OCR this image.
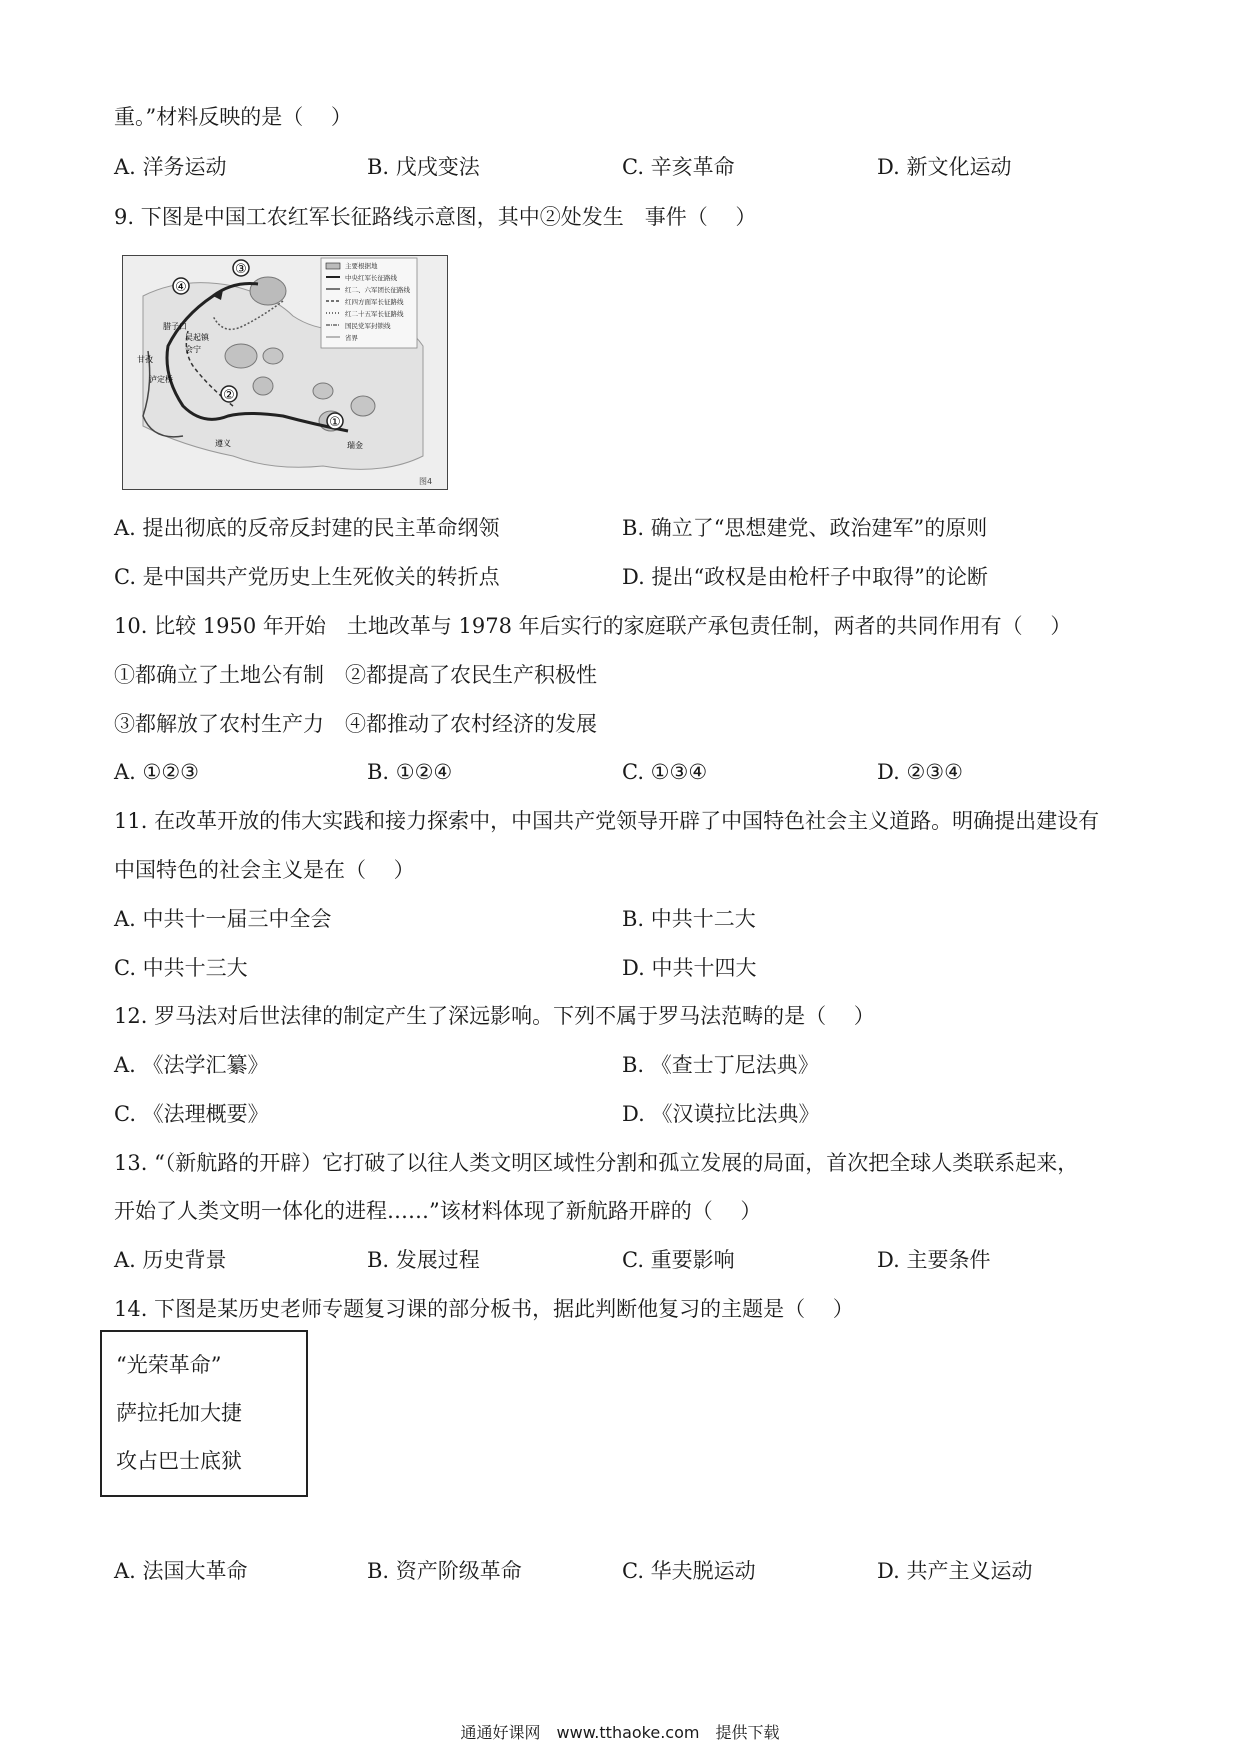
重。”材料反映的是（　 ）
A. 洋务运动	B. 戊戌变法	C. 辛亥革命	D. 新文化运动
9. 下图是中国工农红军长征路线示意图，其中②处发生　事件（　 ）
③
④
②
①
腊子口
吴起镇
会宁
甘孜
泸定桥
遵义	瑞金
主要根据地
中央红军长征路线
红二、六军团长征路线
红四方面军长征路线
红二十五军长征路线
国民党军封锁线
省界
图4
A. 提出彻底的反帝反封建的民主革命纲领	B. 确立了“思想建党、政治建军”的原则
C. 是中国共产党历史上生死攸关的转折点	D. 提出“政权是由枪杆子中取得”的论断
10. 比较 1950 年开始　土地改革与 1978 年后实行的家庭联产承包责任制，两者的共同作用有（　 ）
①都确立了土地公有制　②都提高了农民生产积极性
③都解放了农村生产力　④都推动了农村经济的发展
A. ①②③	B. ①②④	C. ①③④	D. ②③④
11. 在改革开放的伟大实践和接力探索中，中国共产党领导开辟了中国特色社会主义道路。明确提出建设有
中国特色的社会主义是在（　 ）
A. 中共十一届三中全会	B. 中共十二大
C. 中共十三大	D. 中共十四大
12. 罗马法对后世法律的制定产生了深远影响。下列不属于罗马法范畴的是（　 ）
A. 《法学汇纂》	B. 《查士丁尼法典》
C. 《法理概要》	D. 《汉谟拉比法典》
13. “（新航路的开辟）它打破了以往人类文明区域性分割和孤立发展的局面，首次把全球人类联系起来，
开始了人类文明一体化的进程……”该材料体现了新航路开辟的（　 ）
A. 历史背景	B. 发展过程	C. 重要影响	D. 主要条件
14. 下图是某历史老师专题复习课的部分板书，据此判断他复习的主题是（　 ）
“光荣革命”
萨拉托加大捷
攻占巴士底狱
A. 法国大革命	B. 资产阶级革命	C. 华夫脱运动	D. 共产主义运动
通通好课网　www.tthaoke.com　提供下载
